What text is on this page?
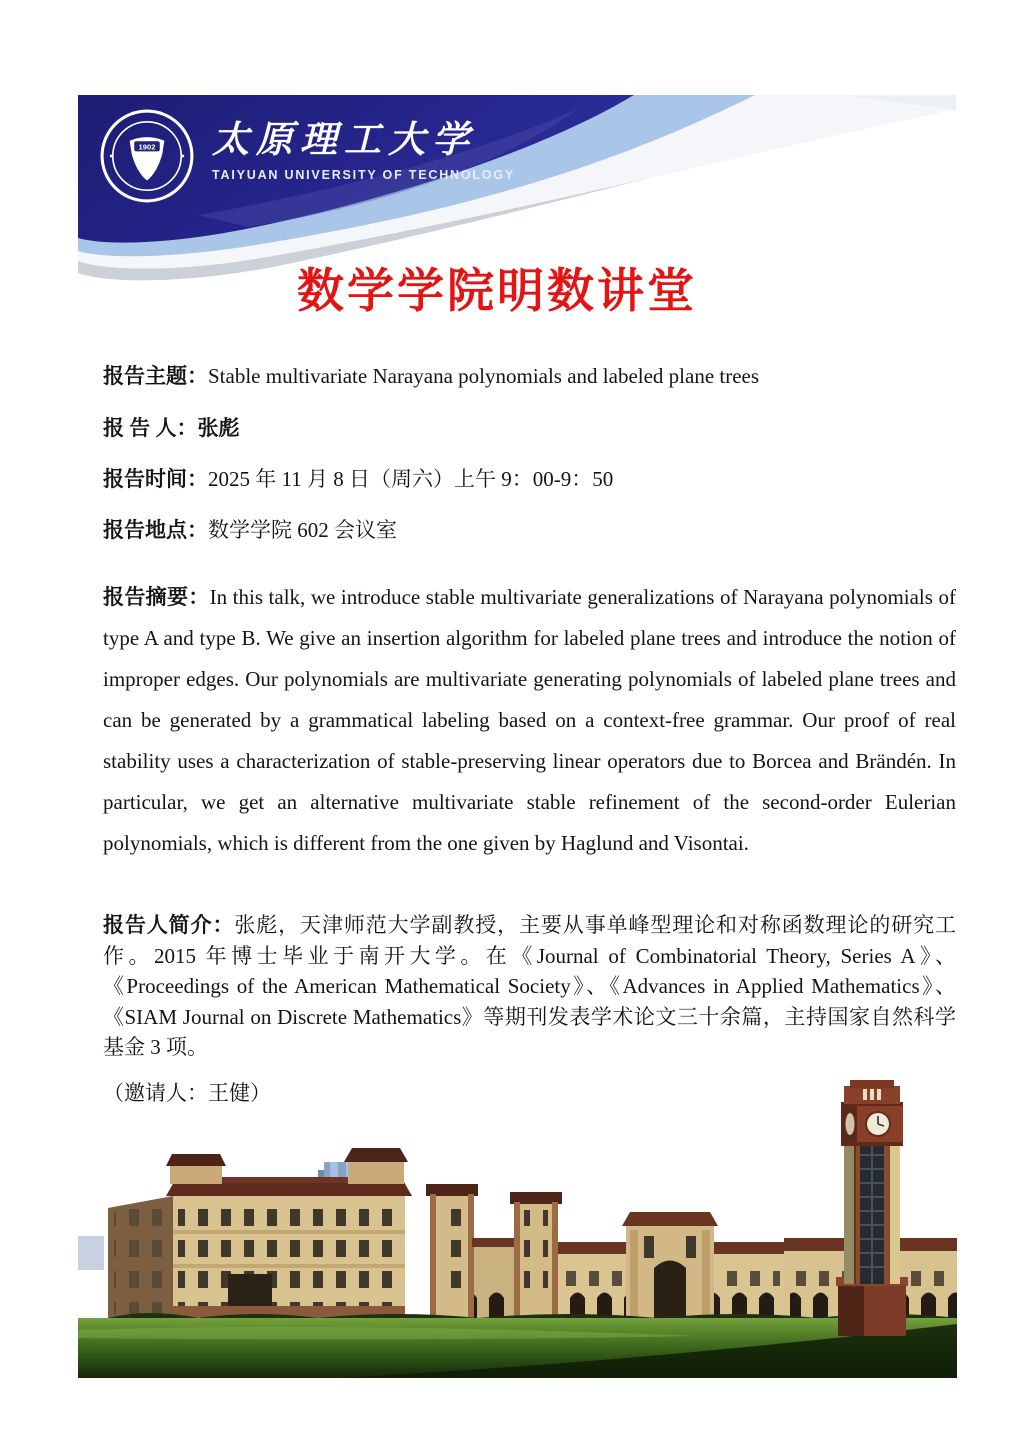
1902 太原理工大学
TAIYUAN UNIVERSITY OF TECHNOLOGY
数学学院明数讲堂
报告主题：Stable multivariate Narayana polynomials and labeled plane trees
报 告 人：张彪
报告时间：2025 年 11 月 8 日（周六）上午 9：00-9：50
报告地点：数学学院 602 会议室

报告摘要：In this talk, we introduce stable multivariate generalizations of Narayana polynomials of type A and type B. We give an insertion algorithm for labeled plane trees and introduce the notion of improper edges. Our polynomials are multivariate generating polynomials of labeled plane trees and can be generated by a grammatical labeling based on a context-free grammar. Our proof of real stability uses a characterization of stable-preserving linear operators due to Borcea and Brändén. In particular, we get an alternative multivariate stable refinement of the second-order Eulerian polynomials, which is different from the one given by Haglund and Visontai.

报告人简介：张彪，天津师范大学副教授，主要从事单峰型理论和对称函数理论的研究工作。2015 年博士毕业于南开大学。在《Journal of Combinatorial Theory, Series A》、《Proceedings of the American Mathematical Society》、《Advances in Applied Mathematics》、《SIAM Journal on Discrete Mathematics》等期刊发表学术论文三十余篇，主持国家自然科学基金 3 项。

（邀请人：王健）
